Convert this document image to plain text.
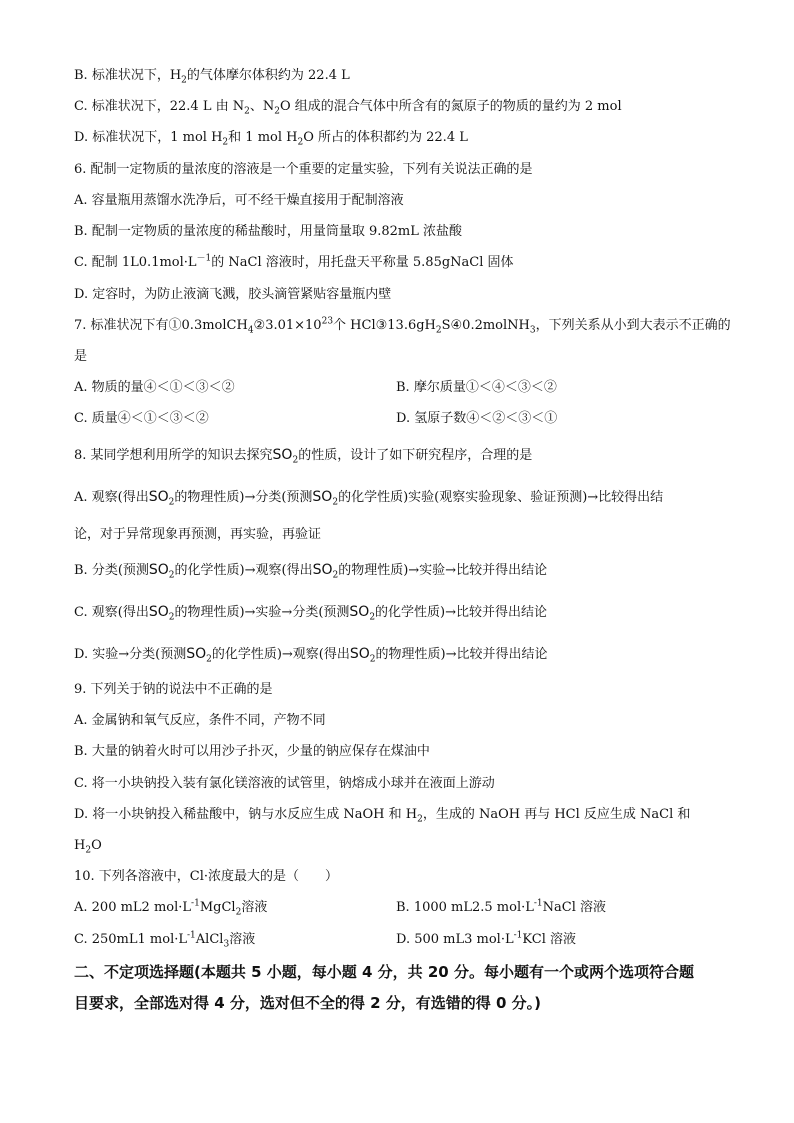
B. 标准状况下，$H_2$的气体摩尔体积约为 22.4 L
C. 标准状况下，22.4 L 由 $N_2$、$N_2O$ 组成的混合气体中所含有的氮原子的物质的量约为 2 mol
D. 标准状况下，1 mol $H_2$和 1 mol $H_2O$ 所占的体积都约为 22.4 L
6. 配制一定物质的量浓度的溶液是一个重要的定量实验，下列有关说法正确的是
A. 容量瓶用蒸馏水洗净后，可不经干燥直接用于配制溶液
B. 配制一定物质的量浓度的稀盐酸时，用量筒量取 9.82mL 浓盐酸
C. 配制 $1L0.1mol\cdot L^{-1}$的 NaCl 溶液时，用托盘天平称量 5.85gNaCl 固体
D. 定容时，为防止液滴飞溅，胶头滴管紧贴容量瓶内壁
7. 标准状况下有$①0.3molCH_4②3.01\times 10^{23}$个 $HCl③13.6gH_2S④0.2molNH_3$，下列关系从小到大表示不正确的
是
A. 物质的量④＜①＜③＜②	B. 摩尔质量①＜④＜③＜②
C. 质量④＜①＜③＜②	D. 氢原子数④＜②＜③＜①
8. 某同学想利用所学的知识去探究$SO_2$的性质，设计了如下研究程序，合理的是
A. 观察(得出$SO_2$的物理性质)→分类(预测$SO_2$的化学性质)实验(观察实验现象、验证预测)→比较得出结
论，对于异常现象再预测，再实验，再验证
B. 分类(预测$SO_2$的化学性质)→观察(得出$SO_2$的物理性质)→实验→比较并得出结论
C. 观察(得出$SO_2$的物理性质)→实验→分类(预测$SO_2$的化学性质)→比较并得出结论
D. 实验→分类(预测$SO_2$的化学性质)→观察(得出$SO_2$的物理性质)→比较并得出结论
9. 下列关于钠的说法中不正确的是
A. 金属钠和氧气反应，条件不同，产物不同
B. 大量的钠着火时可以用沙子扑灭，少量的钠应保存在煤油中
C. 将一小块钠投入装有氯化镁溶液的试管里，钠熔成小球并在液面上游动
D. 将一小块钠投入稀盐酸中，钠与水反应生成 NaOH 和 $H_2$，生成的 NaOH 再与 HCl 反应生成 NaCl 和
$H_2O$
10. 下列各溶液中，Cl·浓度最大的是（　　）
A. 200 mL2 $mol\cdot L^{-1}MgCl_2$溶液	B. 1000 mL2.5 $mol\cdot L^{-1}NaCl$ 溶液
C. 250mL1 $mol\cdot L^{-1}AlCl_3$溶液	D. 500 mL3 $mol\cdot L^{-1}KCl$ 溶液
二、不定项选择题(本题共 5 小题，每小题 4 分，共 20 分。每小题有一个或两个选项符合题
目要求，全部选对得 4 分，选对但不全的得 2 分，有选错的得 0 分。)
